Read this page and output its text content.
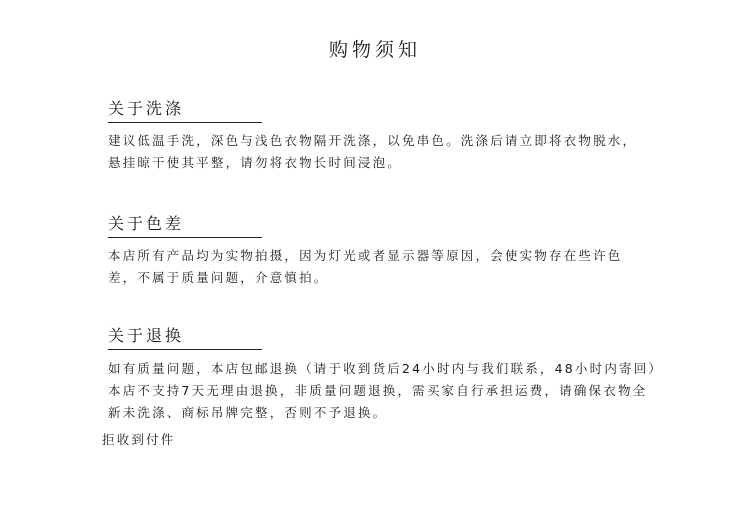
购物须知
关于洗涤
建议低温手洗，深色与浅色衣物隔开洗涤，以免串色。洗涤后请立即将衣物脱水，
悬挂晾干使其平整，请勿将衣物长时间浸泡。
关于色差
本店所有产品均为实物拍摄，因为灯光或者显示器等原因，会使实物存在些许色
差，不属于质量问题，介意慎拍。
关于退换
如有质量问题，本店包邮退换（请于收到货后24小时内与我们联系，48小时内寄回）
本店不支持7天无理由退换，非质量问题退换，需买家自行承担运费，请确保衣物全
新未洗涤、商标吊牌完整，否则不予退换。
拒收到付件
